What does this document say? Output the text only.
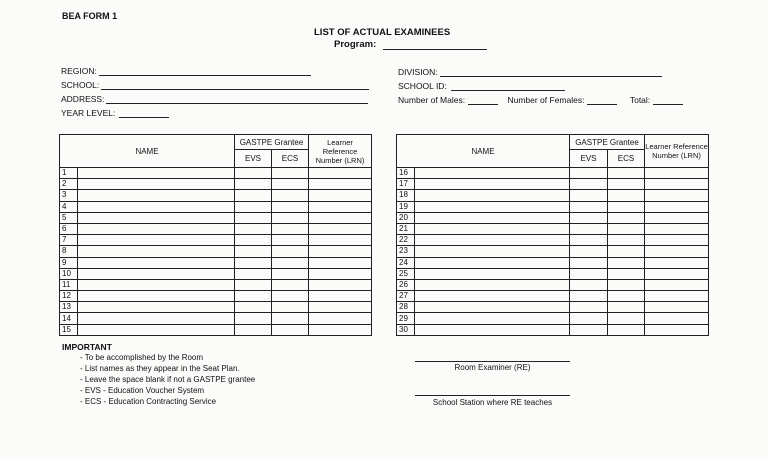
BEA FORM 1
LIST OF ACTUAL EXAMINEES
Program:
REGION:
SCHOOL:
ADDRESS:
YEAR LEVEL:
DIVISION:
SCHOOL ID:
Number of Males:	Number of Females:	Total:
NAME		GASTPE Grantee		Learner Reference Number (LRN)
		EVS	ECS	
1				
2				
3				
4				
5				
6				
7				
8				
9				
10				
11				
12				
13				
14				
15				
NAME		GASTPE Grantee		Learner Reference Number (LRN)
		EVS	ECS	
16				
17				
18				
19				
20				
21				
22				
23				
24				
25				
26				
27				
28				
29				
30				
IMPORTANT
- To be accomplished by the Room
- List names as they appear in the Seat Plan.
- Leave the space blank if not a GASTPE grantee
- EVS - Education Voucher System
- ECS - Education Contracting Service
Room Examiner (RE)
School Station where RE teaches
